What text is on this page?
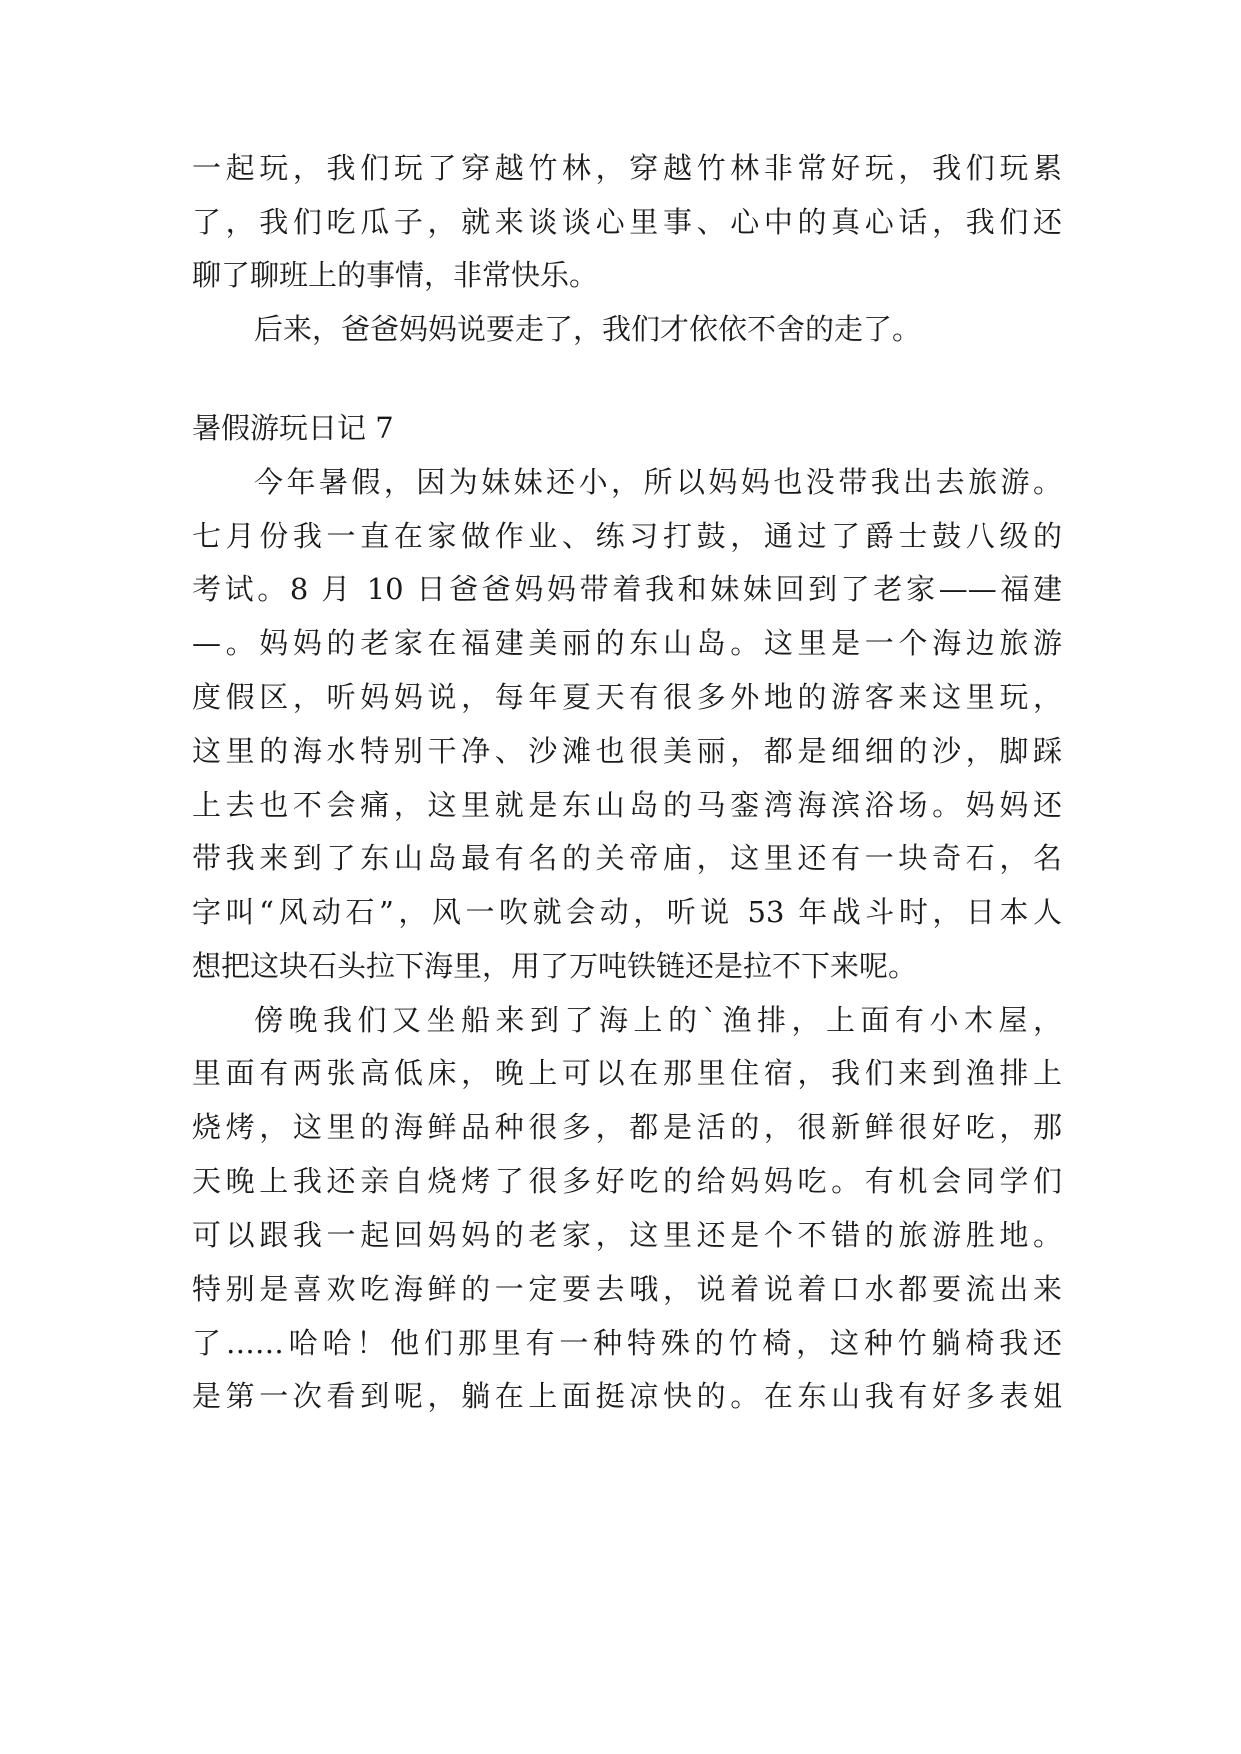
一起玩，我们玩了穿越竹林，穿越竹林非常好玩，我们玩累
了，我们吃瓜子，就来谈谈心里事、心中的真心话，我们还
聊了聊班上的事情，非常快乐。
后来，爸爸妈妈说要走了，我们才依依不舍的走了。
暑假游玩日记 7
今年暑假，因为妹妹还小，所以妈妈也没带我出去旅游。
七月份我一直在家做作业、练习打鼓，通过了爵士鼓八级的
考试。8 月 10 日爸爸妈妈带着我和妹妹回到了老家——福建
—。妈妈的老家在福建美丽的东山岛。这里是一个海边旅游
度假区，听妈妈说，每年夏天有很多外地的游客来这里玩，
这里的海水特别干净、沙滩也很美丽，都是细细的沙，脚踩
上去也不会痛，这里就是东山岛的马銮湾海滨浴场。妈妈还
带我来到了东山岛最有名的关帝庙，这里还有一块奇石，名
字叫“风动石”，风一吹就会动，听说 53 年战斗时，日本人
想把这块石头拉下海里，用了万吨铁链还是拉不下来呢。
傍晚我们又坐船来到了海上的`渔排，上面有小木屋，
里面有两张高低床，晚上可以在那里住宿，我们来到渔排上
烧烤，这里的海鲜品种很多，都是活的，很新鲜很好吃，那
天晚上我还亲自烧烤了很多好吃的给妈妈吃。有机会同学们
可以跟我一起回妈妈的老家，这里还是个不错的旅游胜地。
特别是喜欢吃海鲜的一定要去哦，说着说着口水都要流出来
了……哈哈！他们那里有一种特殊的竹椅，这种竹躺椅我还
是第一次看到呢，躺在上面挺凉快的。在东山我有好多表姐
